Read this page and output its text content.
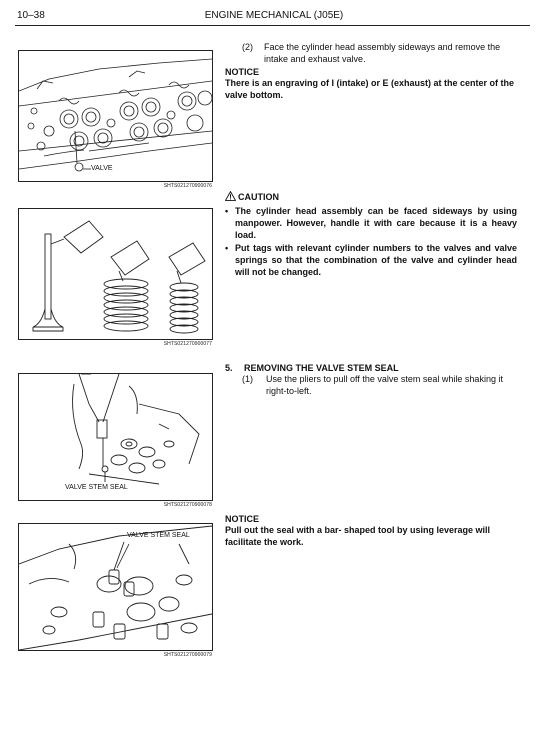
10–38	ENGINE MECHANICAL (J05E)
VALVE
SHTS021270900076
SHTS021270900077
VALVE STEM SEAL
SHTS021270900078
VALVE STEM SEAL
SHTS021270900079
(2)	Face the cylinder head assembly sideways and remove the intake and exhaust valve.
NOTICE
There is an engraving of I (intake) or E (exhaust) at the center of the valve bottom.
CAUTION
• The cylinder head assembly can be faced sideways by using manpower. However, handle it with care because it is a heavy load.
• Put tags with relevant cylinder numbers to the valves and valve springs so that the combination of the valve and cylinder head will not be changed.
5.	REMOVING THE VALVE STEM SEAL
(1)	Use the pliers to pull off the valve stem seal while shaking it right-to-left.
NOTICE
Pull out the seal with a bar- shaped tool by using leverage will facilitate the work.
